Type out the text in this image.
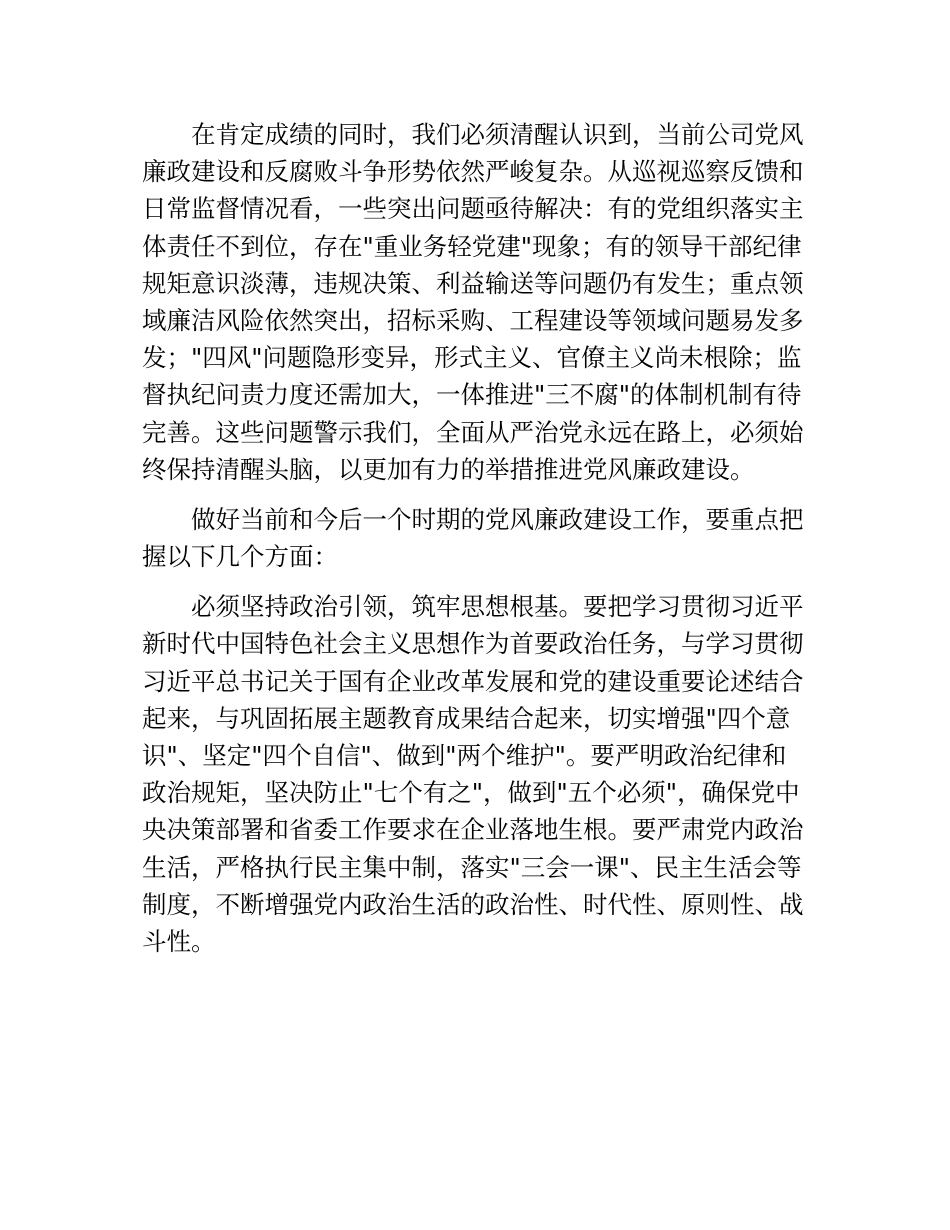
在肯定成绩的同时，我们必须清醒认识到，当前公司党风
廉政建设和反腐败斗争形势依然严峻复杂。从巡视巡察反馈和
日常监督情况看，一些突出问题亟待解决：有的党组织落实主
体责任不到位，存在"重业务轻党建"现象；有的领导干部纪律
规矩意识淡薄，违规决策、利益输送等问题仍有发生；重点领
域廉洁风险依然突出，招标采购、工程建设等领域问题易发多
发；"四风"问题隐形变异，形式主义、官僚主义尚未根除；监
督执纪问责力度还需加大，一体推进"三不腐"的体制机制有待
完善。这些问题警示我们，全面从严治党永远在路上，必须始
终保持清醒头脑，以更加有力的举措推进党风廉政建设。
做好当前和今后一个时期的党风廉政建设工作，要重点把
握以下几个方面：
必须坚持政治引领，筑牢思想根基。要把学习贯彻习近平
新时代中国特色社会主义思想作为首要政治任务，与学习贯彻
习近平总书记关于国有企业改革发展和党的建设重要论述结合
起来，与巩固拓展主题教育成果结合起来，切实增强"四个意
识"、坚定"四个自信"、做到"两个维护"。要严明政治纪律和
政治规矩，坚决防止"七个有之"，做到"五个必须"，确保党中
央决策部署和省委工作要求在企业落地生根。要严肃党内政治
生活，严格执行民主集中制，落实"三会一课"、民主生活会等
制度，不断增强党内政治生活的政治性、时代性、原则性、战
斗性。
